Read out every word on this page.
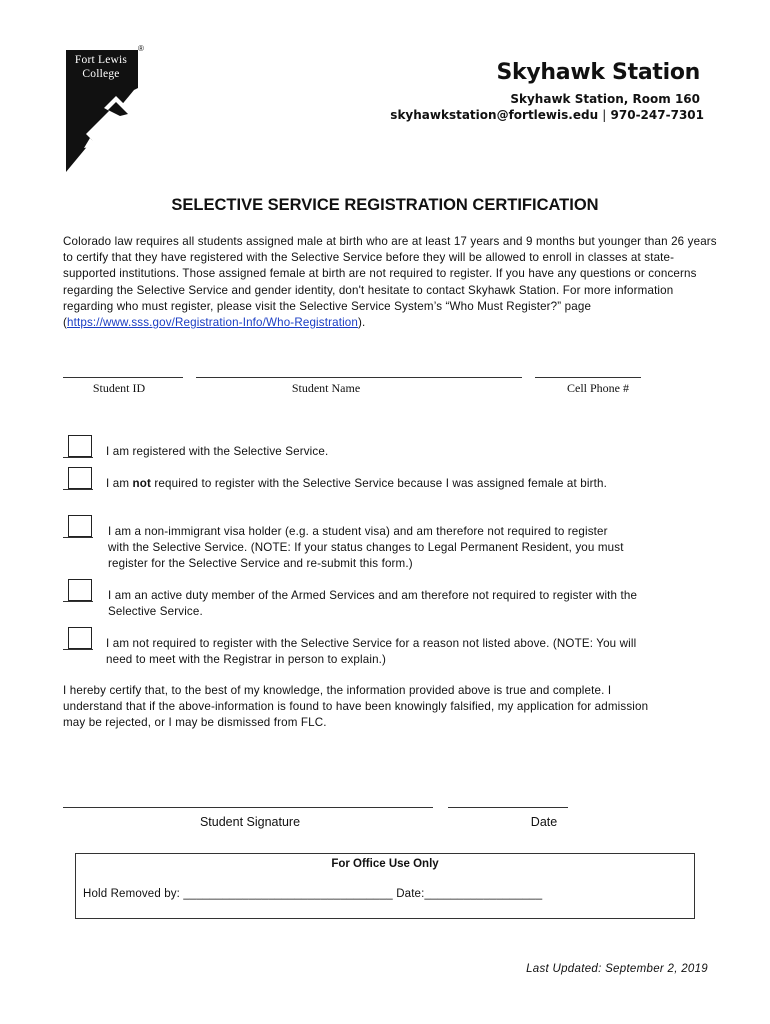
Fort Lewis
College
®
Skyhawk Station
Skyhawk Station, Room 160
skyhawkstation@fortlewis.edu | 970-247-7301
SELECTIVE SERVICE REGISTRATION CERTIFICATION

Colorado law requires all students assigned male at birth who are at least 17 years and 9 months but younger than 26 years to certify that they have registered with the Selective Service before they will be allowed to enroll in classes at state-supported institutions. Those assigned female at birth are not required to register. If you have any questions or concerns regarding the Selective Service and gender identity, don't hesitate to contact Skyhawk Station. For more information regarding who must register, please visit the Selective Service System’s “Who Must Register?” page (https://www.sss.gov/Registration-Info/Who-Registration).

Student ID	Student Name	Cell Phone #
I am registered with the Selective Service.
I am not required to register with the Selective Service because I was assigned female at birth.
I am a non-immigrant visa holder (e.g. a student visa) and am therefore not required to register with the Selective Service. (NOTE: If your status changes to Legal Permanent Resident, you must register for the Selective Service and re-submit this form.)
I am an active duty member of the Armed Services and am therefore not required to register with the Selective Service.
I am not required to register with the Selective Service for a reason not listed above. (NOTE: You will need to meet with the Registrar in person to explain.)

I hereby certify that, to the best of my knowledge, the information provided above is true and complete. I understand that if the above-information is found to have been knowingly falsified, my application for admission may be rejected, or I may be dismissed from FLC.

Student Signature	Date
For Office Use Only
Hold Removed by: ________________________________ Date:__________________
Last Updated: September 2, 2019
